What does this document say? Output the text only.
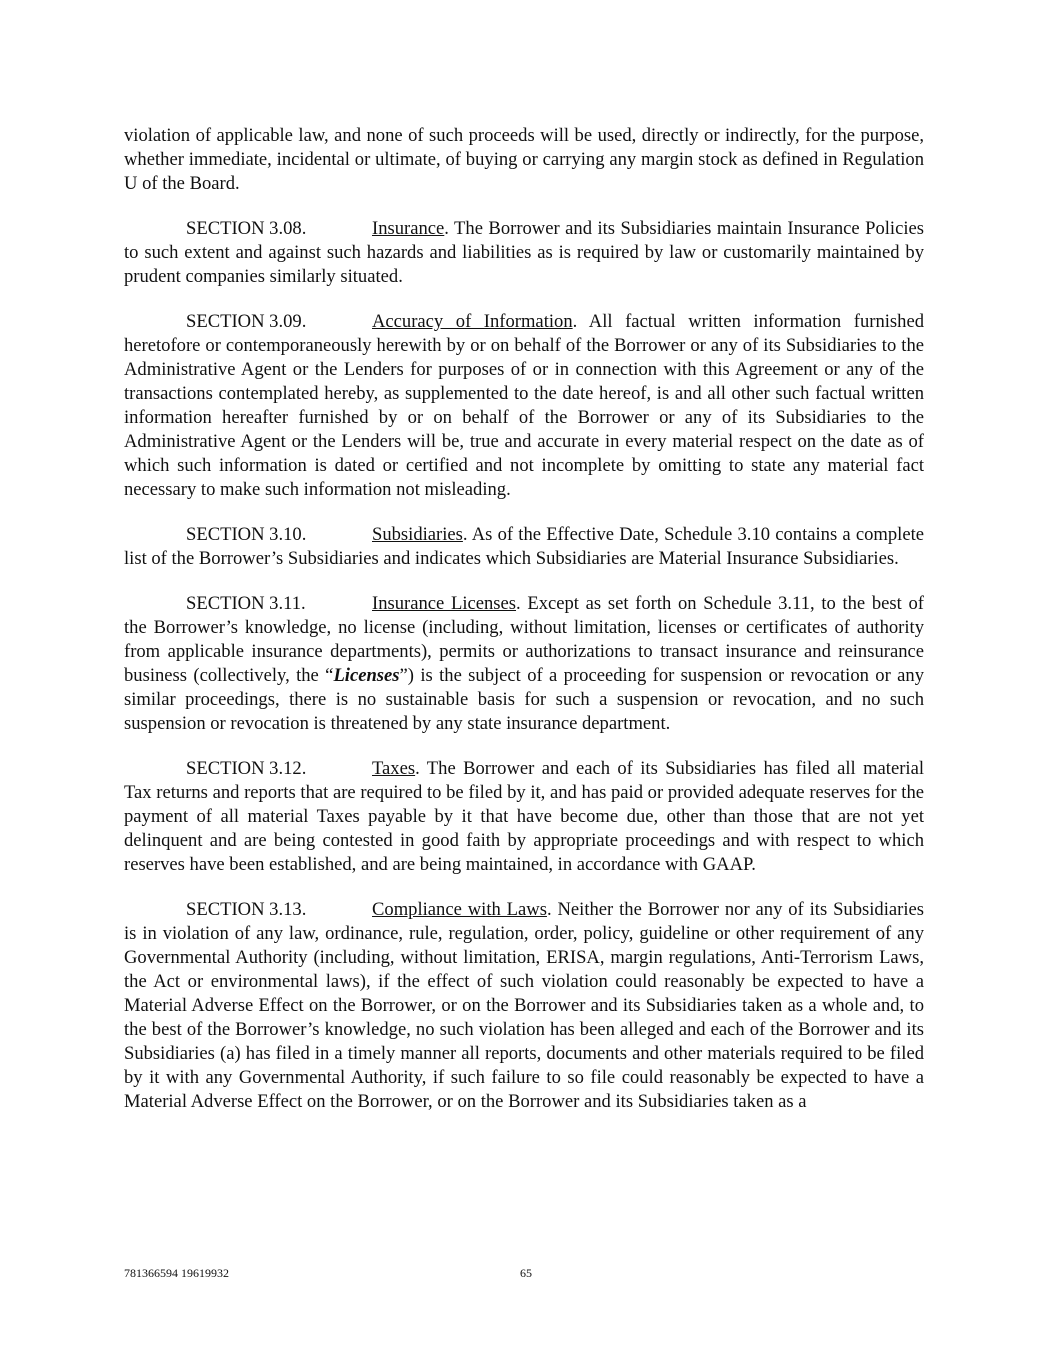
violation of applicable law, and none of such proceeds will be used, directly or indirectly, for the purpose, whether immediate, incidental or ultimate, of buying or carrying any margin stock as defined in Regulation U of the Board.

SECTION 3.08.	Insurance. The Borrower and its Subsidiaries maintain Insurance Policies to such extent and against such hazards and liabilities as is required by law or customarily maintained by prudent companies similarly situated.

SECTION 3.09.	Accuracy of Information. All factual written information furnished heretofore or contemporaneously herewith by or on behalf of the Borrower or any of its Subsidiaries to the Administrative Agent or the Lenders for purposes of or in connection with this Agreement or any of the transactions contemplated hereby, as supplemented to the date hereof, is and all other such factual written information hereafter furnished by or on behalf of the Borrower or any of its Subsidiaries to the Administrative Agent or the Lenders will be, true and accurate in every material respect on the date as of which such information is dated or certified and not incomplete by omitting to state any material fact necessary to make such information not misleading.

SECTION 3.10.	Subsidiaries. As of the Effective Date, Schedule 3.10 contains a complete list of the Borrower’s Subsidiaries and indicates which Subsidiaries are Material Insurance Subsidiaries.

SECTION 3.11.	Insurance Licenses. Except as set forth on Schedule 3.11, to the best of the Borrower’s knowledge, no license (including, without limitation, licenses or certificates of authority from applicable insurance departments), permits or authorizations to transact insurance and reinsurance business (collectively, the “Licenses”) is the subject of a proceeding for suspension or revocation or any similar proceedings, there is no sustainable basis for such a suspension or revocation, and no such suspension or revocation is threatened by any state insurance department.

SECTION 3.12.	Taxes. The Borrower and each of its Subsidiaries has filed all material Tax returns and reports that are required to be filed by it, and has paid or provided adequate reserves for the payment of all material Taxes payable by it that have become due, other than those that are not yet delinquent and are being contested in good faith by appropriate proceedings and with respect to which reserves have been established, and are being maintained, in accordance with GAAP.

SECTION 3.13.	Compliance with Laws. Neither the Borrower nor any of its Subsidiaries is in violation of any law, ordinance, rule, regulation, order, policy, guideline or other requirement of any Governmental Authority (including, without limitation, ERISA, margin regulations, Anti-Terrorism Laws, the Act or environmental laws), if the effect of such violation could reasonably be expected to have a Material Adverse Effect on the Borrower, or on the Borrower and its Subsidiaries taken as a whole and, to the best of the Borrower’s knowledge, no such violation has been alleged and each of the Borrower and its Subsidiaries (a) has filed in a timely manner all reports, documents and other materials required to be filed by it with any Governmental Authority, if such failure to so file could reasonably be expected to have a Material Adverse Effect on the Borrower, or on the Borrower and its Subsidiaries taken as a

781366594 19619932	65
